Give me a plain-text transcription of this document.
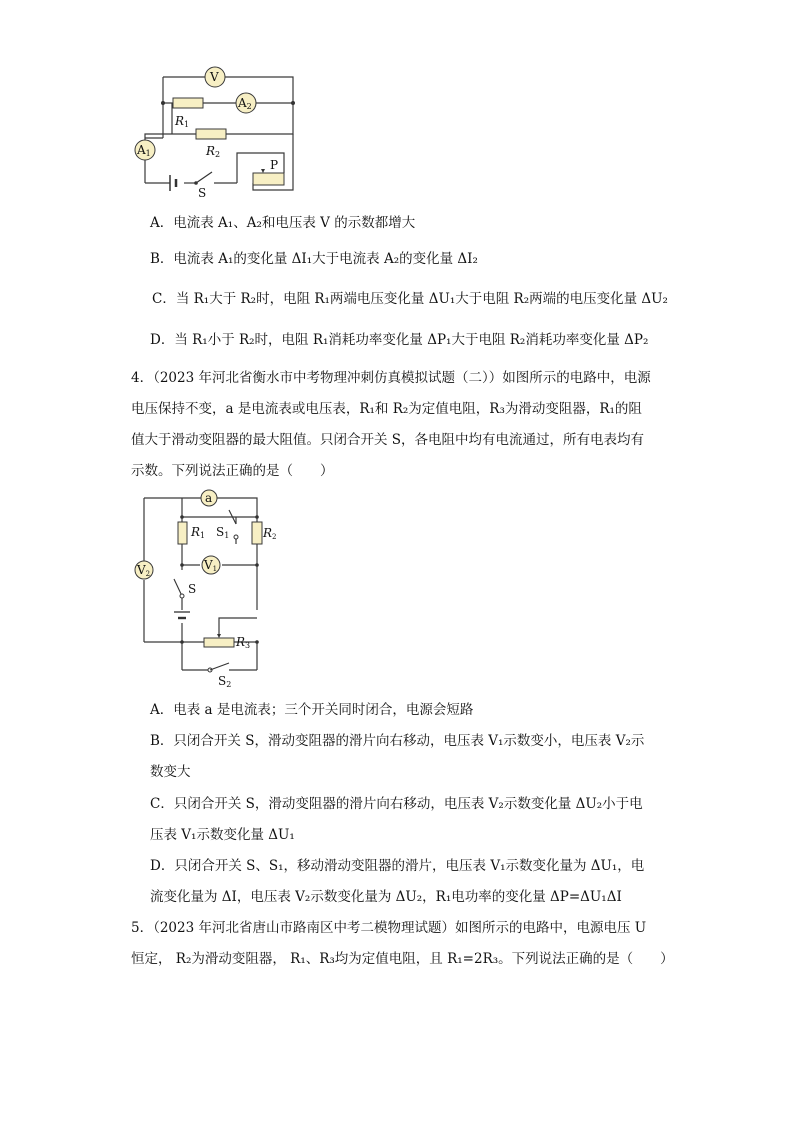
V
R1
A2
R2
A1
S
P
A．电流表 A₁、A₂和电压表 V 的示数都增大
B．电流表 A₁的变化量 ΔI₁大于电流表 A₂的变化量 ΔI₂
C．当 R₁大于 R₂时，电阻 R₁两端电压变化量 ΔU₁大于电阻 R₂两端的电压变化量 ΔU₂
D．当 R₁小于 R₂时，电阻 R₁消耗功率变化量 ΔP₁大于电阻 R₂消耗功率变化量 ΔP₂
4．（2023 年河北省衡水市中考物理冲刺仿真模拟试题（二））如图所示的电路中，电源
电压保持不变，a 是电流表或电压表，R₁和 R₂为定值电阻，R₃为滑动变阻器，R₁的阻
值大于滑动变阻器的最大阻值。只闭合开关 S，各电阻中均有电流通过，所有电表均有
示数。下列说法正确的是（　　）
a
R1 S1	R2
V1
V2
S
R3
S2
A．电表 a 是电流表；三个开关同时闭合，电源会短路
B．只闭合开关 S，滑动变阻器的滑片向右移动，电压表 V₁示数变小，电压表 V₂示
数变大
C．只闭合开关 S，滑动变阻器的滑片向右移动，电压表 V₂示数变化量 ΔU₂小于电
压表 V₁示数变化量 ΔU₁
D．只闭合开关 S、S₁，移动滑动变阻器的滑片，电压表 V₁示数变化量为 ΔU₁，电
流变化量为 ΔI，电压表 V₂示数变化量为 ΔU₂，R₁电功率的变化量 ΔP=ΔU₁ΔI
5．（2023 年河北省唐山市路南区中考二模物理试题）如图所示的电路中，电源电压 U
恒定， R₂为滑动变阻器， R₁、R₃均为定值电阻，且 R₁=2R₃。下列说法正确的是（　　）
